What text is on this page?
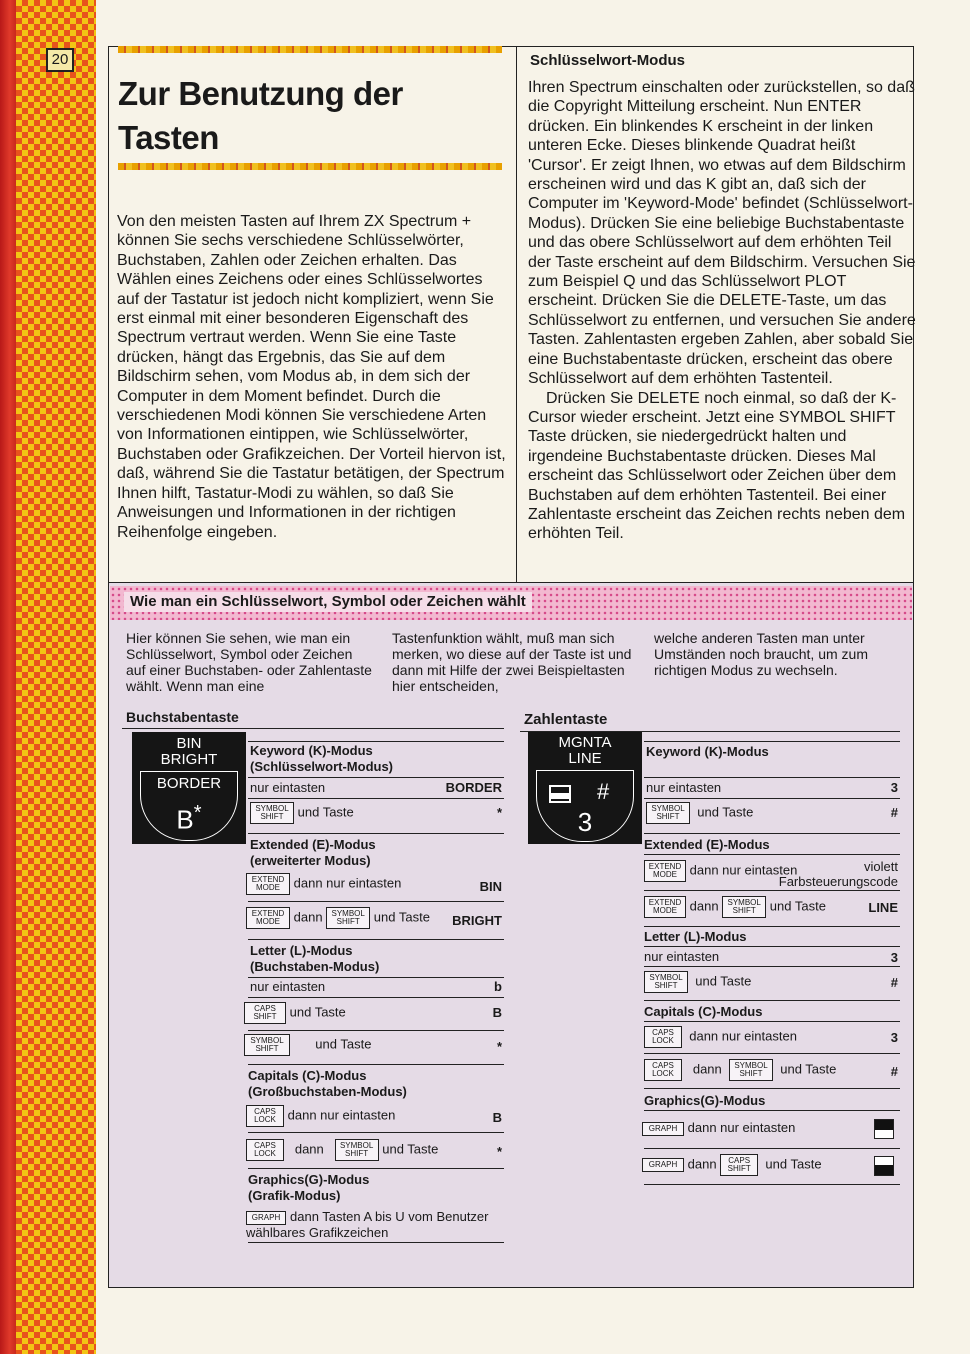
20
Zur Benutzung der
Tasten
Von den meisten Tasten auf Ihrem ZX Spectrum + können Sie sechs verschiedene Schlüsselwörter, Buchstaben, Zahlen oder Zeichen erhalten. Das Wählen eines Zeichens oder eines Schlüsselwortes auf der Tastatur ist jedoch nicht kompliziert, wenn Sie erst einmal mit einer besonderen Eigenschaft des Spectrum vertraut werden. Wenn Sie eine Taste drücken, hängt das Ergebnis, das Sie auf dem Bildschirm sehen, vom Modus ab, in dem sich der Computer in dem Moment befindet. Durch die verschiedenen Modi können Sie verschiedene Arten von Informationen eintippen, wie Schlüsselwörter, Buchstaben oder Grafikzeichen. Der Vorteil hiervon ist, daß, während Sie die Tastatur betätigen, der Spectrum Ihnen hilft, Tastatur-Modi zu wählen, so daß Sie Anweisungen und Informationen in der richtigen Reihenfolge eingeben.
Schlüsselwort-Modus

Ihren Spectrum einschalten oder zurückstellen, so daß die Copyright Mitteilung erscheint. Nun ENTER drücken. Ein blinkendes K erscheint in der linken unteren Ecke. Dieses blinkende Quadrat heißt 'Cursor'. Er zeigt Ihnen, wo etwas auf dem Bildschirm erscheinen wird und das K gibt an, daß sich der Computer im 'Keyword-Mode' befindet (Schlüsselwort-Modus). Drücken Sie eine beliebige Buchstabentaste und das obere Schlüsselwort auf dem erhöhten Teil der Taste erscheint auf dem Bildschirm. Versuchen Sie zum Beispiel Q und das Schlüsselwort PLOT erscheint. Drücken Sie die DELETE-Taste, um das Schlüsselwort zu entfernen, und versuchen Sie andere Tasten. Zahlentasten ergeben Zahlen, aber sobald Sie eine Buchstabentaste drücken, erscheint das obere Schlüsselwort auf dem erhöhten Tastenteil.

Drücken Sie DELETE noch einmal, so daß der K-Cursor wieder erscheint. Jetzt eine SYMBOL SHIFT Taste drücken, sie niedergedrückt halten und irgendeine Buchstabentaste drücken. Dieses Mal erscheint das Schlüsselwort oder Zeichen über dem Buchstaben auf dem erhöhten Tastenteil. Bei einer Zahlentaste erscheint das Zeichen rechts neben dem erhöhten Teil.

Wie man ein Schlüsselwort, Symbol oder Zeichen wählt
Hier können Sie sehen, wie man ein Schlüsselwort, Symbol oder Zeichen auf einer Buchstaben- oder Zahlentaste wählt. Wenn man eine
Tastenfunktion wählt, muß man sich merken, wo diese auf der Taste ist und dann mit Hilfe der zwei Beispieltasten hier entscheiden,
welche anderen Tasten man unter Umständen noch braucht, um zum richtigen Modus zu wechseln.
Buchstabentaste
BIN
BRIGHT
BORDER
B*
Keyword (K)-Modus (Schlüsselwort-Modus)
nur eintasten	BORDER
SYMBOL SHIFT und Taste	*
Extended (E)-Modus (erweiterter Modus)
EXTEND MODE dann nur eintasten	BIN
EXTEND MODE dann SYMBOL SHIFT und Taste	BRIGHT
Letter (L)-Modus (Buchstaben-Modus)
nur eintasten	b
CAPS SHIFT und Taste	B
SYMBOL SHIFT	und Taste	*
Capitals (C)-Modus (Großbuchstaben-Modus)
CAPS LOCK dann nur eintasten	B
CAPS LOCK dann SYMBOL SHIFT und Taste	*
Graphics(G)-Modus (Grafik-Modus)
GRAPH dann Tasten A bis U vom Benutzer wählbares Grafikzeichen
Zahlentaste
MGNTA
LINE
#
3
Keyword (K)-Modus
nur eintasten	3
SYMBOL SHIFT und Taste	#
Extended (E)-Modus
EXTEND MODE dann nur eintasten	violett
Farbsteuerungscode
EXTEND MODE dann SYMBOL SHIFT und Taste	LINE
Letter (L)-Modus
nur eintasten	3
SYMBOL SHIFT und Taste	#
Capitals (C)-Modus
CAPS LOCK dann nur eintasten	3
CAPS LOCK dann SYMBOL SHIFT und Taste	#
Graphics(G)-Modus
GRAPH dann nur eintasten
GRAPH dann CAPS SHIFT und Taste
